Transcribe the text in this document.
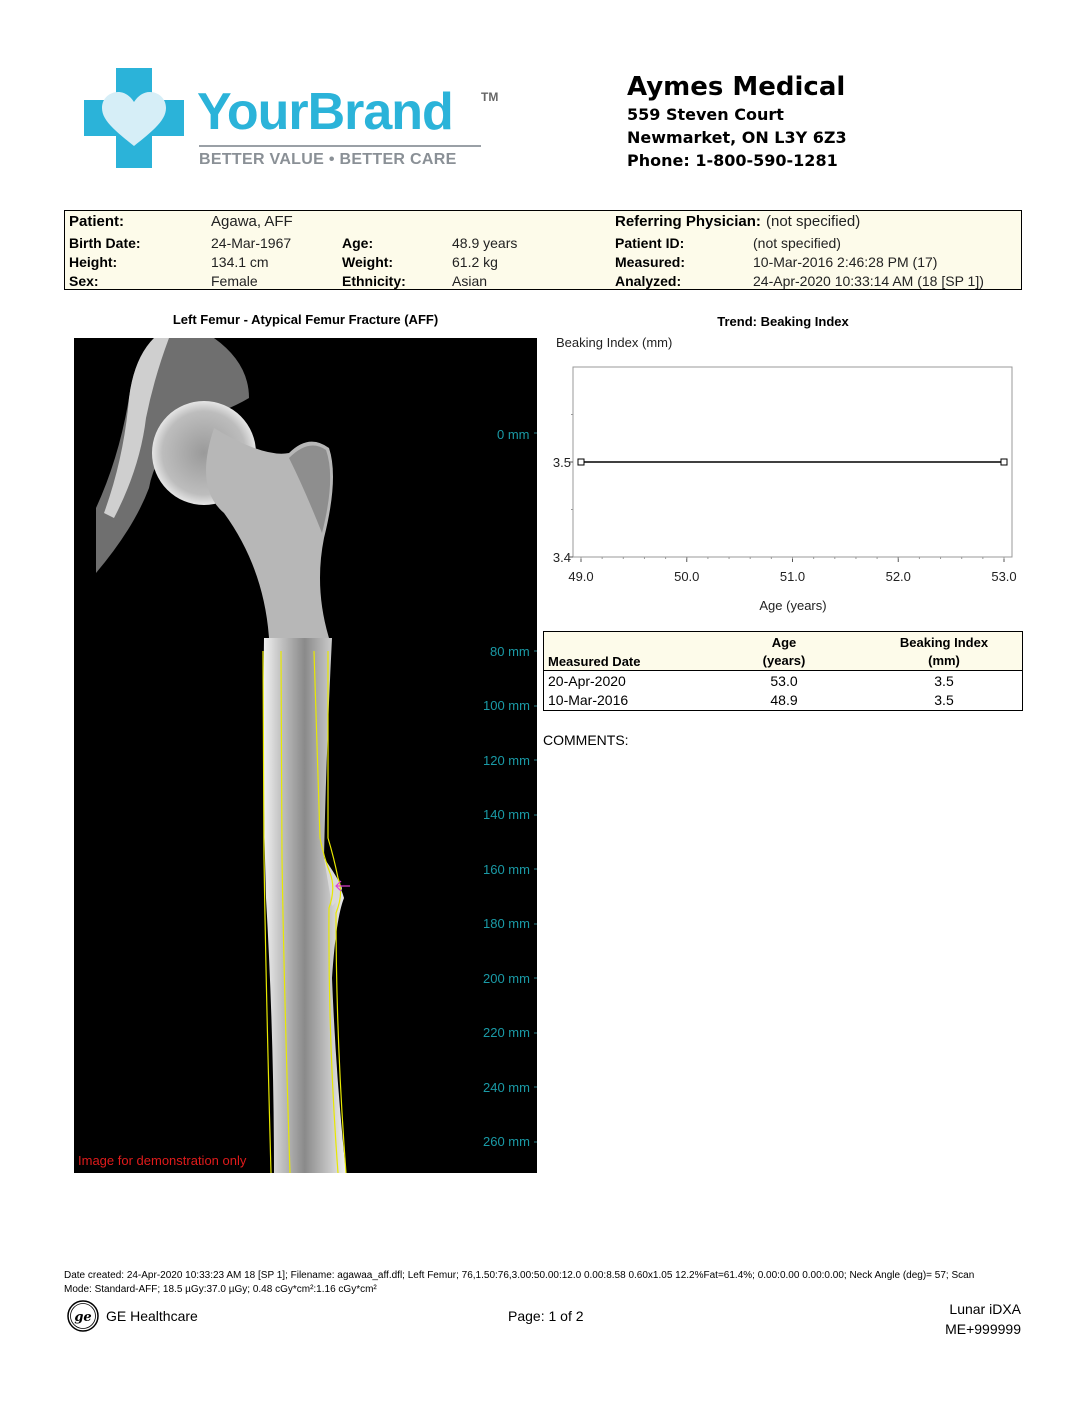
YourBrand TM
BETTER VALUE • BETTER CARE
Aymes Medical
559 Steven Court
Newmarket, ON L3Y 6Z3
Phone: 1-800-590-1281
Patient:	Agawa, AFF	Referring Physician: (not specified)
Birth Date:	24-Mar-1967	Age:	48.9 years	Patient ID:	(not specified)
Height:	134.1 cm	Weight:	61.2 kg	Measured:	10-Mar-2016 2:46:28 PM (17)
Sex:	Female	Ethnicity:	Asian	Analyzed:	24-Apr-2020 10:33:14 AM (18 [SP 1])
Left Femur - Atypical Femur Fracture (AFF)
0 mm
80 mm
100 mm
120 mm
140 mm
160 mm
180 mm
200 mm
220 mm
240 mm
260 mm
Image for demonstration only
Trend: Beaking Index
Beaking Index (mm)
49.0	50.0	51.0	52.0	53.0
3.5
3.4
Age (years)
Measured Date
Age
(years)
Beaking Index
(mm)
20-Apr-2020	53.0	3.5
10-Mar-2016	48.9	3.5
COMMENTS:
Date created: 24-Apr-2020 10:33:23 AM 18 [SP 1]; Filename: agawaa_aff.dfl; Left Femur; 76,1.50:76,3.00:50.00:12.0 0.00:8.58 0.60x1.05 12.2%Fat=61.4%; 0.00:0.00 0.00:0.00; Neck Angle (deg)= 57; Scan
Mode: Standard-AFF; 18.5 µGy:37.0 µGy; 0.48 cGy*cm²:1.16 cGy*cm²
ge GE Healthcare	Page: 1 of 2	Lunar iDXA
ME+999999
